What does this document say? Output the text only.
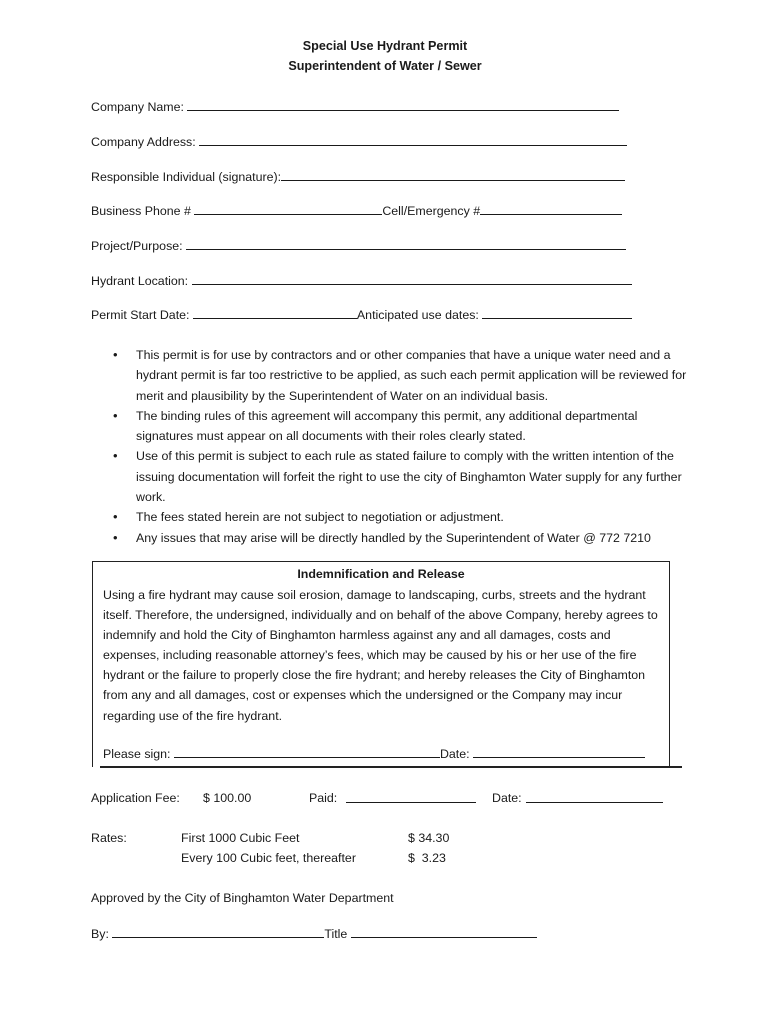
Special Use Hydrant Permit
Superintendent of Water / Sewer
Company Name:
Company Address:
Responsible Individual (signature):
Business Phone #	Cell/Emergency #
Project/Purpose:
Hydrant Location:
Permit Start Date:	Anticipated use dates:
• This permit is for use by contractors and or other companies that have a unique water need and a hydrant permit is far too restrictive to be applied, as such each permit application will be reviewed for merit and plausibility by the Superintendent of Water on an individual basis.
• The binding rules of this agreement will accompany this permit, any additional departmental signatures must appear on all documents with their roles clearly stated.
• Use of this permit is subject to each rule as stated failure to comply with the written intention of the issuing documentation will forfeit the right to use the city of Binghamton Water supply for any further work.
• The fees stated herein are not subject to negotiation or adjustment.
• Any issues that may arise will be directly handled by the Superintendent of Water @ 772 7210
Indemnification and Release
Using a fire hydrant may cause soil erosion, damage to landscaping, curbs, streets and the hydrant itself. Therefore, the undersigned, individually and on behalf of the above Company, hereby agrees to indemnify and hold the City of Binghamton harmless against any and all damages, costs and expenses, including reasonable attorney’s fees, which may be caused by his or her use of the fire hydrant or the failure to properly close the fire hydrant; and hereby releases the City of Binghamton from any and all damages, cost or expenses which the undersigned or the Company may incur regarding use of the fire hydrant.
Please sign:	Date:
Application Fee: $ 100.00	Paid:	Date:
Rates:	First 1000 Cubic Feet	$ 34.30
Every 100 Cubic feet, thereafter	$  3.23
Approved by the City of Binghamton Water Department
By:	Title
